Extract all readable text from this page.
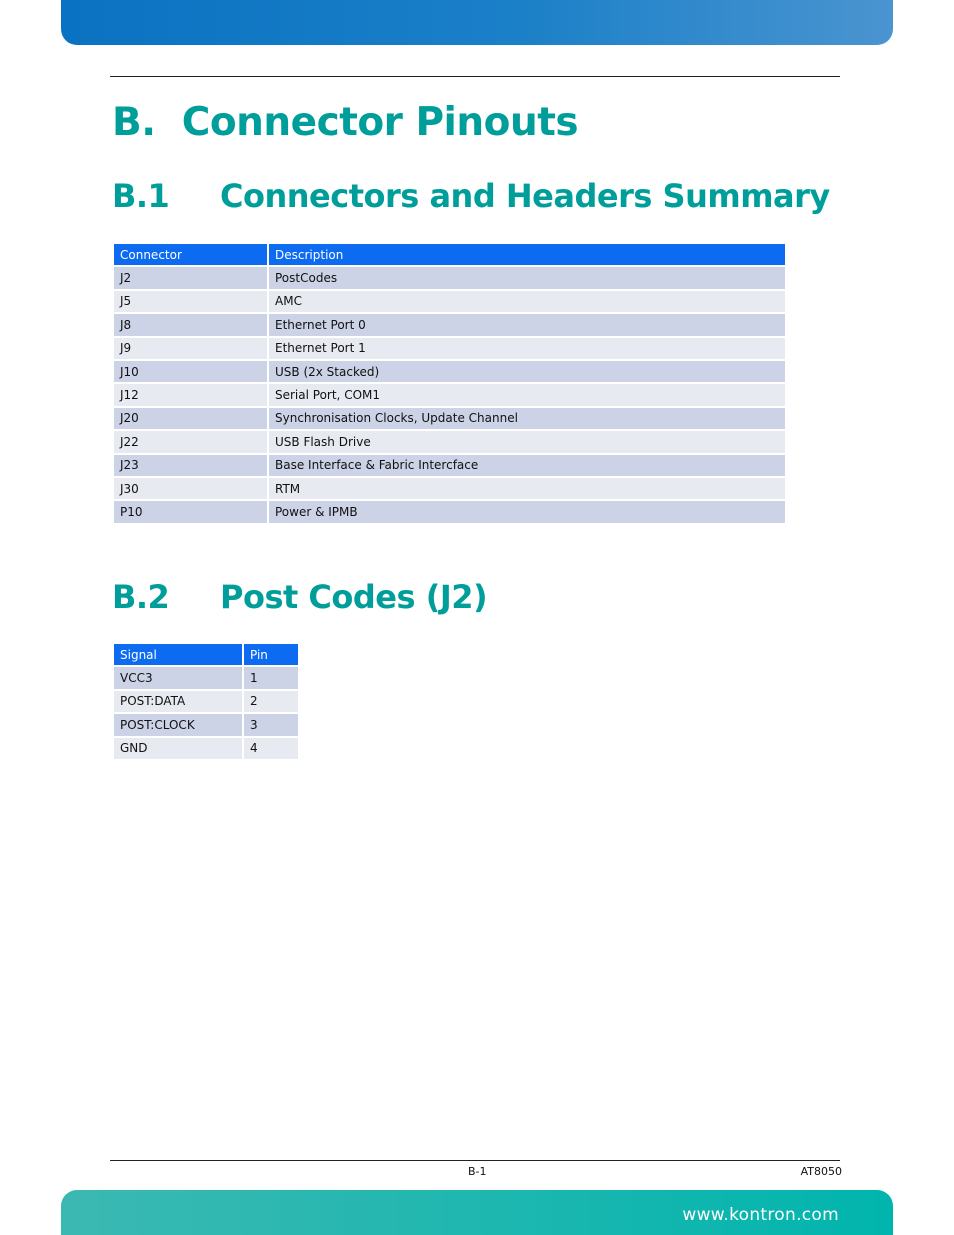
B.  Connector Pinouts
B.1 Connectors and Headers Summary
Connector	Description
J2	PostCodes
J5	AMC
J8	Ethernet Port 0
J9	Ethernet Port 1
J10	USB (2x Stacked)
J12	Serial Port, COM1
J20	Synchronisation Clocks, Update Channel
J22	USB Flash Drive
J23	Base Interface & Fabric Intercface
J30	RTM
P10	Power & IPMB
B.2 Post Codes (J2)
Signal	Pin
VCC3	1
POST:DATA	2
POST:CLOCK	3
GND	4
B-1	AT8050
www.kontron.com
